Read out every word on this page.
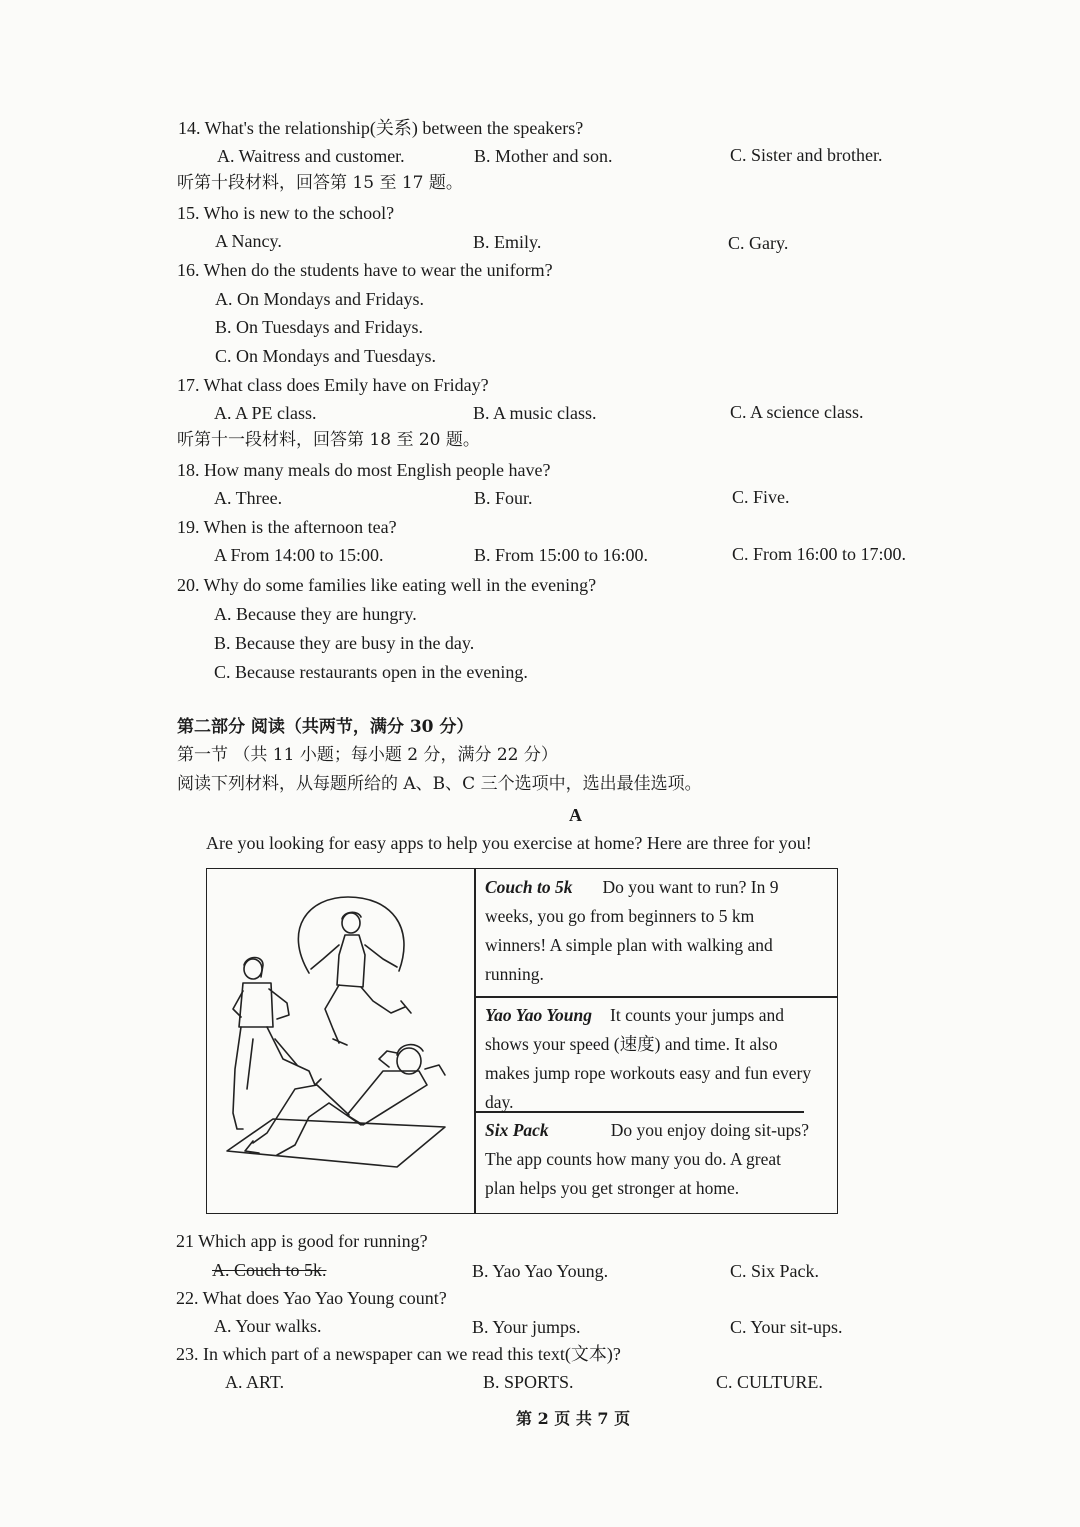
14. What's the relationship(关系) between the speakers?
A. Waitress and customer.	B. Mother and son.	C. Sister and brother.
听第十段材料，回答第 15 至 17 题。
15. Who is new to the school?
A Nancy.	B. Emily.	C. Gary.
16. When do the students have to wear the uniform?
A. On Mondays and Fridays.
B. On Tuesdays and Fridays.
C. On Mondays and Tuesdays.
17. What class does Emily have on Friday?
A. A PE class.	B. A music class.	C. A science class.
听第十一段材料，回答第 18 至 20 题。
18. How many meals do most English people have?
A. Three.	B. Four.	C. Five.
19. When is the afternoon tea?
A From 14:00 to 15:00.	B. From 15:00 to 16:00.	C. From 16:00 to 17:00.
20. Why do some families like eating well in the evening?
A. Because they are hungry.
B. Because they are busy in the day.
C. Because restaurants open in the evening.
第二部分 阅读（共两节，满分 30 分）
第一节 （共 11 小题；每小题 2 分，满分 22 分）
阅读下列材料，从每题所给的 A、B、C 三个选项中，选出最佳选项。
A
Are you looking for easy apps to help you exercise at home? Here are three for you!
Couch to 5k Do you want to run? In 9
weeks, you go from beginners to 5 km
winners! A simple plan with walking and
running.
Yao Yao Young It counts your jumps and
shows your speed (速度) and time. It also
makes jump rope workouts easy and fun every
day.
Six Pack	Do you enjoy doing sit-ups?
The app counts how many you do. A great
plan helps you get stronger at home.
21 Which app is good for running?
A. Couch to 5k.	B. Yao Yao Young.	C. Six Pack.
22. What does Yao Yao Young count?
A. Your walks.	B. Your jumps.	C. Your sit-ups.
23. In which part of a newspaper can we read this text(文本)?
A. ART.	B. SPORTS.	C. CULTURE.
第 2 页 共 7 页
